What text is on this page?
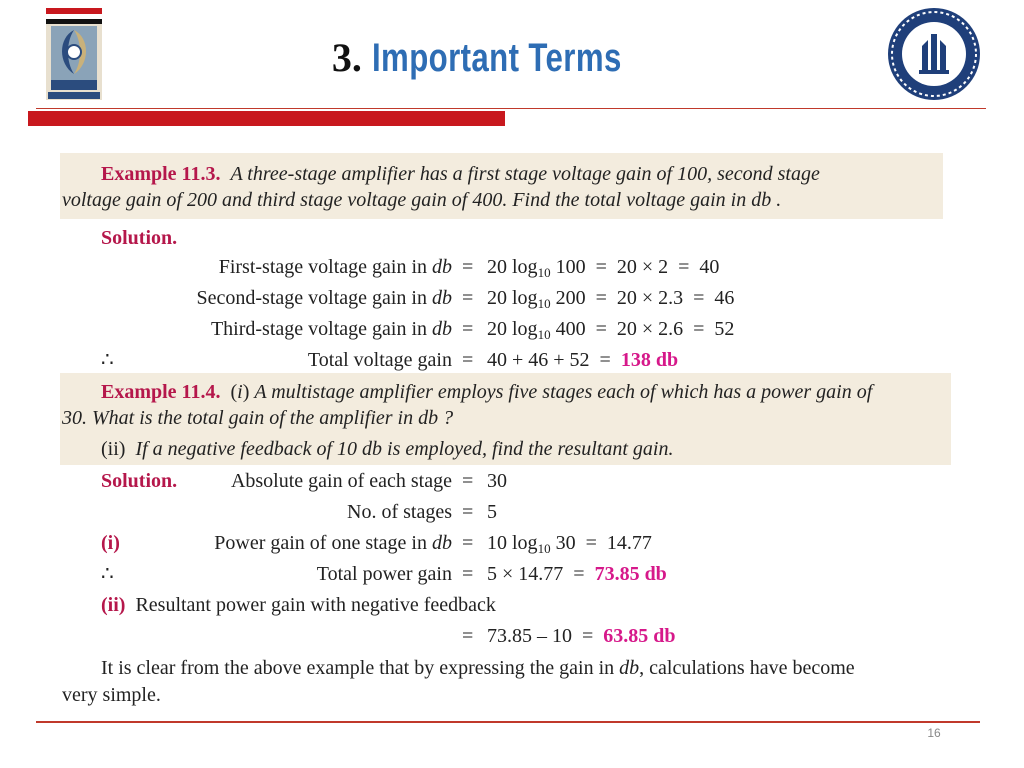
3. Important Terms
Example 11.3. A three-stage amplifier has a first stage voltage gain of 100, second stage
voltage gain of 200 and third stage voltage gain of 400. Find the total voltage gain in db .
Solution.
First-stage voltage gain in db = 20 $\log_{10} 100 = 20 \times 2 = 40$
Second-stage voltage gain in db = 20 $\log_{10} 200 = 20 \times 2.3 = 46$
Third-stage voltage gain in db = 20 $\log_{10} 400 = 20 \times 2.6 = 52$
∴	Total voltage gain = 40 + 46 + 52  =  138 db
Example 11.4. (i) A multistage amplifier employs five stages each of which has a power gain of
30. What is the total gain of the amplifier in db ?
(ii) If a negative feedback of 10 db is employed, find the resultant gain.
Solution.	Absolute gain of each stage = 30
No. of stages = 5
(i)	Power gain of one stage in db = 10 $\log_{10} 30 = 14.77$
∴	Total power gain = 5 × 14.77  =  73.85 db
(ii) Resultant power gain with negative feedback
= 73.85 – 10  =  63.85 db
It is clear from the above example that by expressing the gain in db, calculations have become
very simple.
16
